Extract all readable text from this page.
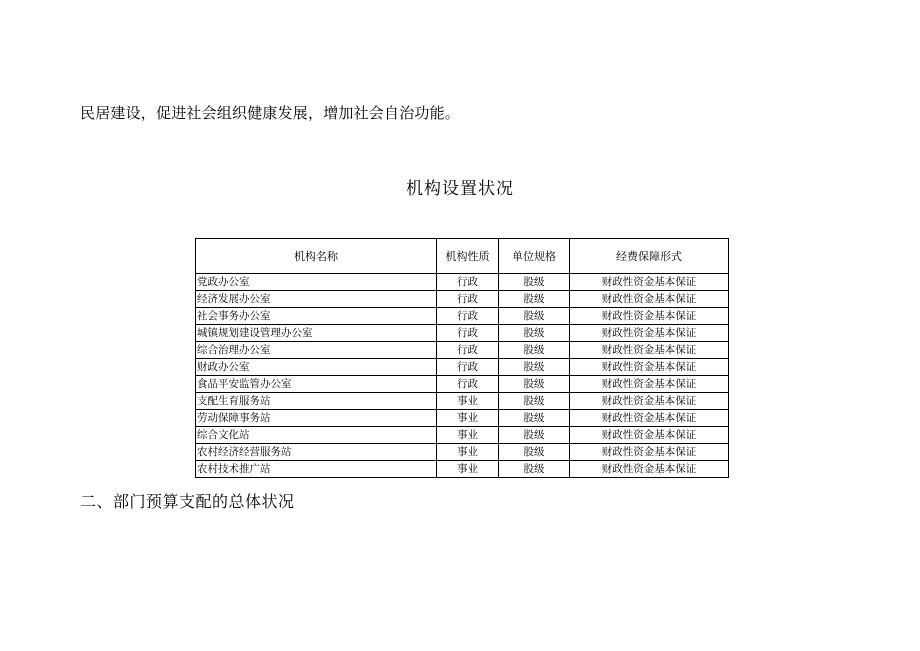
民居建设，促进社会组织健康发展，增加社会自治功能。
机构设置状况
机构名称	机构性质	单位规格	经费保障形式
党政办公室	行政	股级	财政性资金基本保证
经济发展办公室	行政	股级	财政性资金基本保证
社会事务办公室	行政	股级	财政性资金基本保证
城镇规划建设管理办公室	行政	股级	财政性资金基本保证
综合治理办公室	行政	股级	财政性资金基本保证
财政办公室	行政	股级	财政性资金基本保证
食品平安监管办公室	行政	股级	财政性资金基本保证
支配生育服务站	事业	股级	财政性资金基本保证
劳动保障事务站	事业	股级	财政性资金基本保证
综合文化站	事业	股级	财政性资金基本保证
农村经济经营服务站	事业	股级	财政性资金基本保证
农村技术推广站	事业	股级	财政性资金基本保证
二、部门预算支配的总体状况
